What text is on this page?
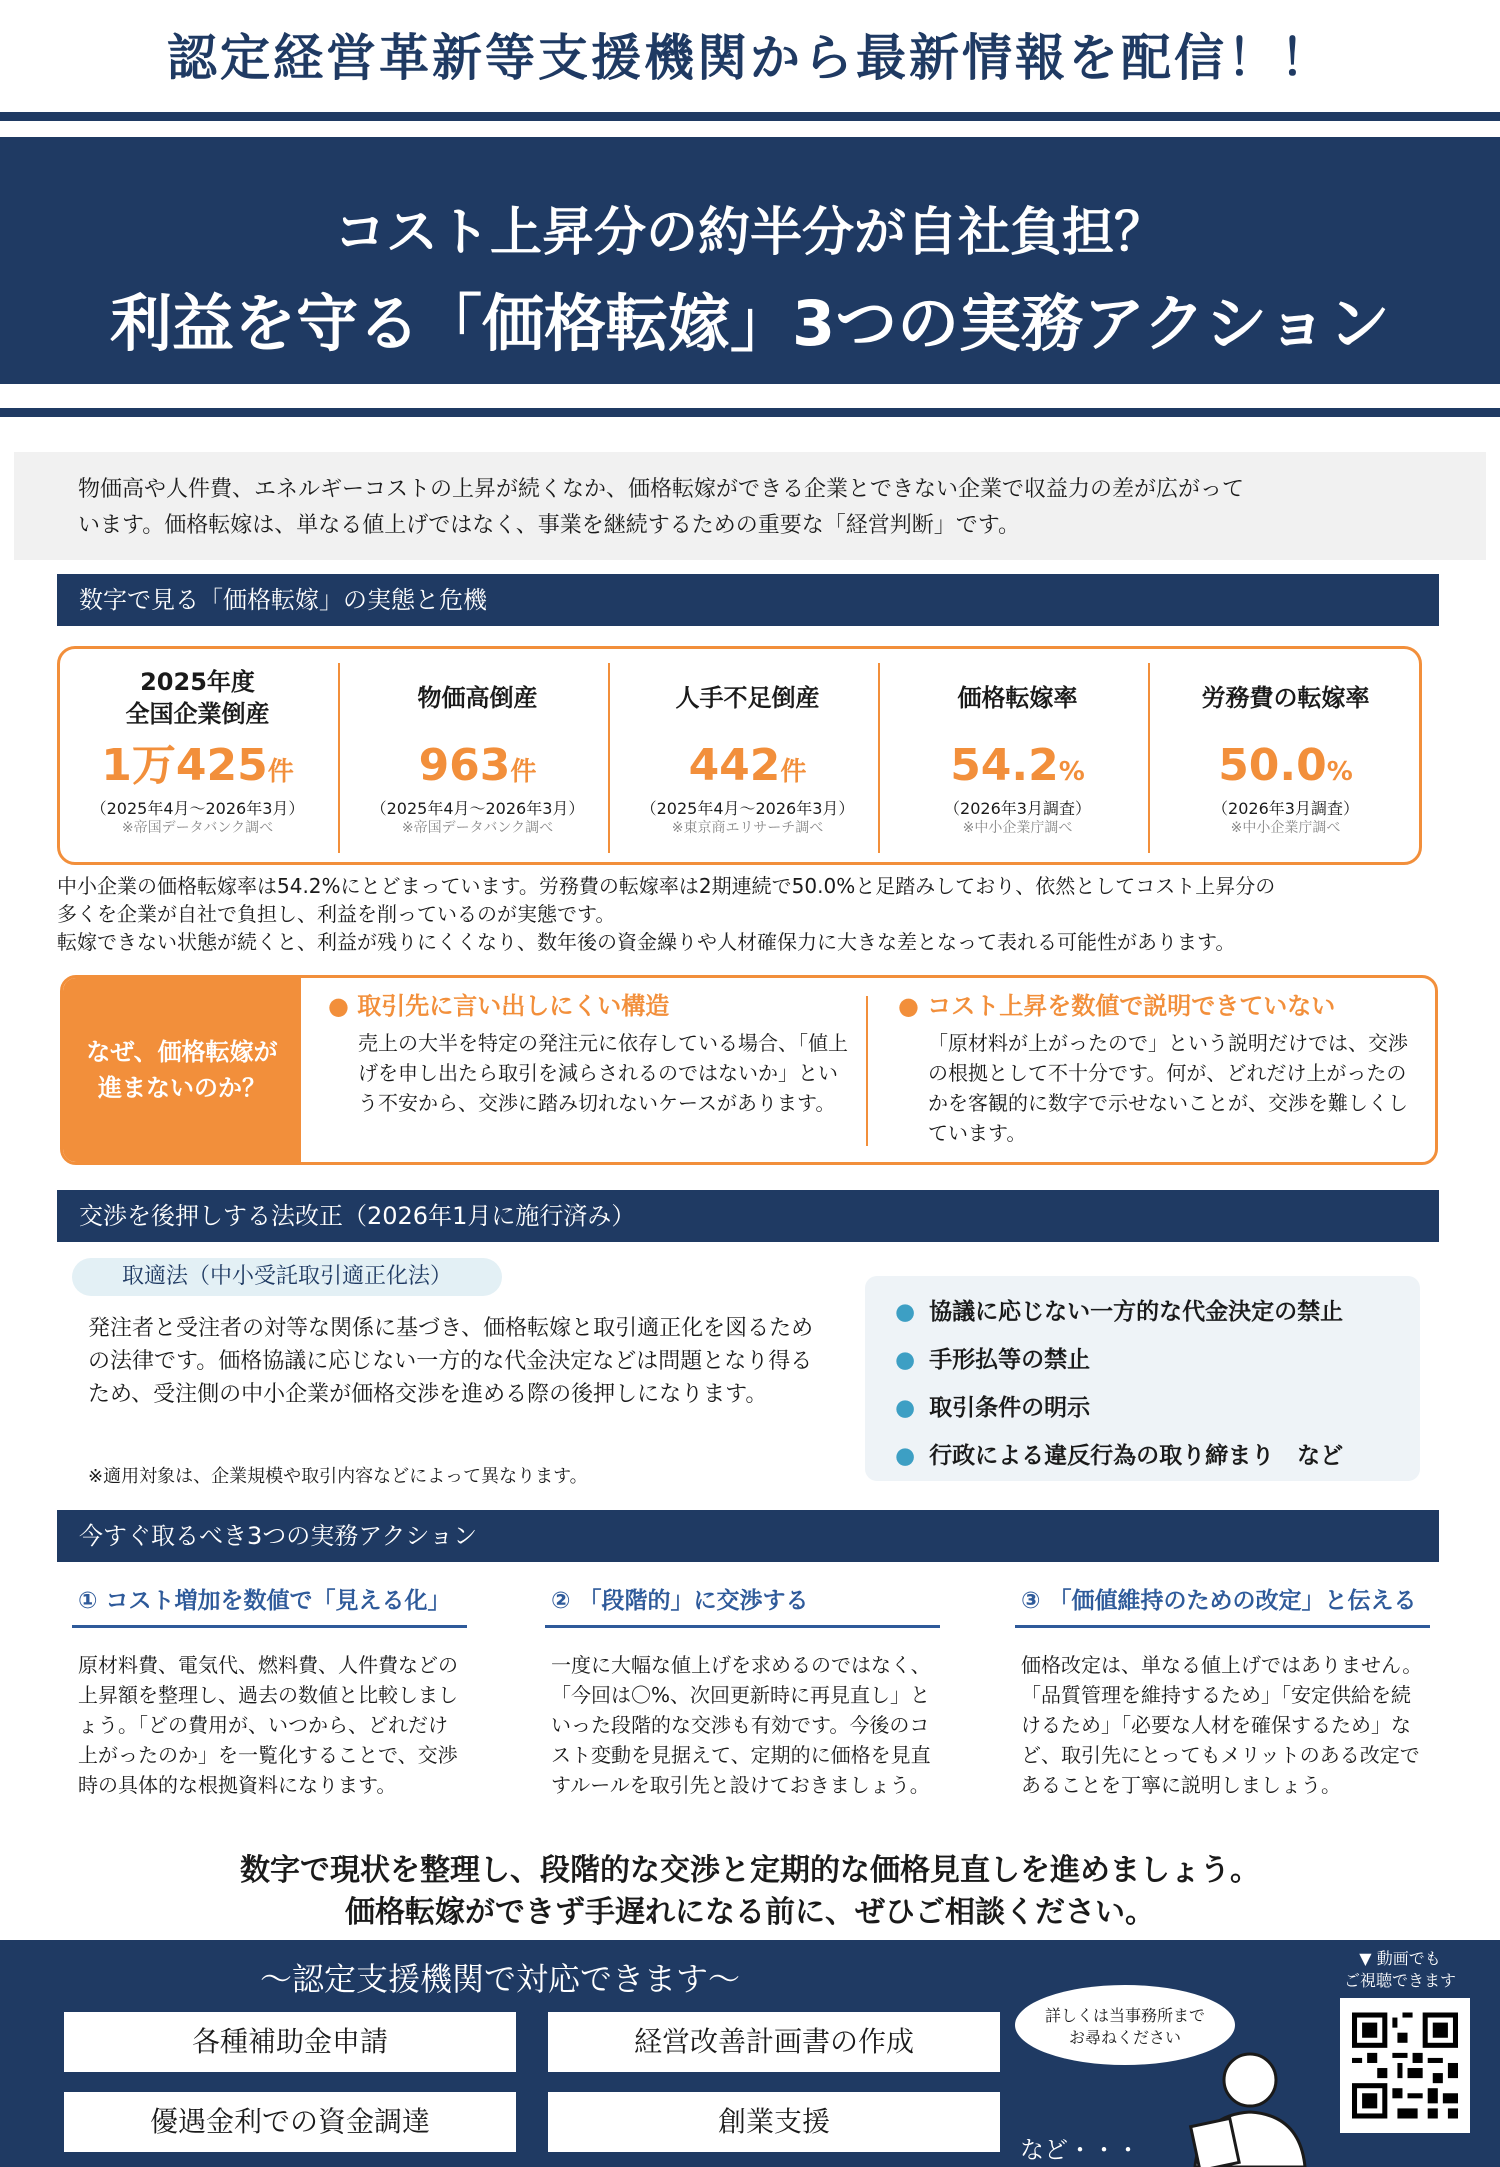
認定経営革新等支援機関から最新情報を配信！！
コスト上昇分の約半分が自社負担？
利益を守る「価格転嫁」3つの実務アクション
物価高や人件費、エネルギーコストの上昇が続くなか、価格転嫁ができる企業とできない企業で収益力の差が広がって
います。価格転嫁は、単なる値上げではなく、事業を継続するための重要な「経営判断」です。
数字で見る「価格転嫁」の実態と危機
2025年度
全国企業倒産
1万425件
（2025年4月～2026年3月）
※帝国データバンク調べ
物価高倒産
963件
（2025年4月～2026年3月）
※帝国データバンク調べ
人手不足倒産
442件
（2025年4月～2026年3月）
※東京商エリサーチ調べ
価格転嫁率
54.2%
（2026年3月調査）
※中小企業庁調べ
労務費の転嫁率
50.0%
（2026年3月調査）
※中小企業庁調べ
中小企業の価格転嫁率は54.2%にとどまっています。労務費の転嫁率は2期連続で50.0%と足踏みしており、依然としてコスト上昇分の
多くを企業が自社で負担し、利益を削っているのが実態です。
転嫁できない状態が続くと、利益が残りにくくなり、数年後の資金繰りや人材確保力に大きな差となって表れる可能性があります。
なぜ、価格転嫁が
進まないのか？
● 取引先に言い出しにくい構造
売上の大半を特定の発注元に依存している場合、「値上げを申し出たら取引を減らされるのではないか」という不安から、交渉に踏み切れないケースがあります。
● コスト上昇を数値で説明できていない
「原材料が上がったので」という説明だけでは、交渉の根拠として不十分です。何が、どれだけ上がったのかを客観的に数字で示せないことが、交渉を難しくしています。
交渉を後押しする法改正（2026年1月に施行済み）
取適法（中小受託取引適正化法）
発注者と受注者の対等な関係に基づき、価格転嫁と取引適正化を図るための法律です。価格協議に応じない一方的な代金決定などは問題となり得るため、受注側の中小企業が価格交渉を進める際の後押しになります。
※適用対象は、企業規模や取引内容などによって異なります。
● 協議に応じない一方的な代金決定の禁止
● 手形払等の禁止
● 取引条件の明示
● 行政による違反行為の取り締まり　など
今すぐ取るべき3つの実務アクション
① コスト増加を数値で「見える化」
原材料費、電気代、燃料費、人件費などの上昇額を整理し、過去の数値と比較しましょう。「どの費用が、いつから、どれだけ上がったのか」を一覧化することで、交渉時の具体的な根拠資料になります。
② 「段階的」に交渉する
一度に大幅な値上げを求めるのではなく、「今回は〇%、次回更新時に再見直し」といった段階的な交渉も有効です。今後のコスト変動を見据えて、定期的に価格を見直すルールを取引先と設けておきましょう。
③ 「価値維持のための改定」と伝える
価格改定は、単なる値上げではありません。「品質管理を維持するため」「安定供給を続けるため」「必要な人材を確保するため」など、取引先にとってもメリットのある改定であることを丁寧に説明しましょう。
数字で現状を整理し、段階的な交渉と定期的な価格見直しを進めましょう。
価格転嫁ができず手遅れになる前に、ぜひご相談ください。
～認定支援機関で対応できます～
各種補助金申請	経営改善計画書の作成
優遇金利での資金調達	創業支援
など・・・
詳しくは当事務所まで
お尋ねください
▼ 動画でも
ご視聴できます
